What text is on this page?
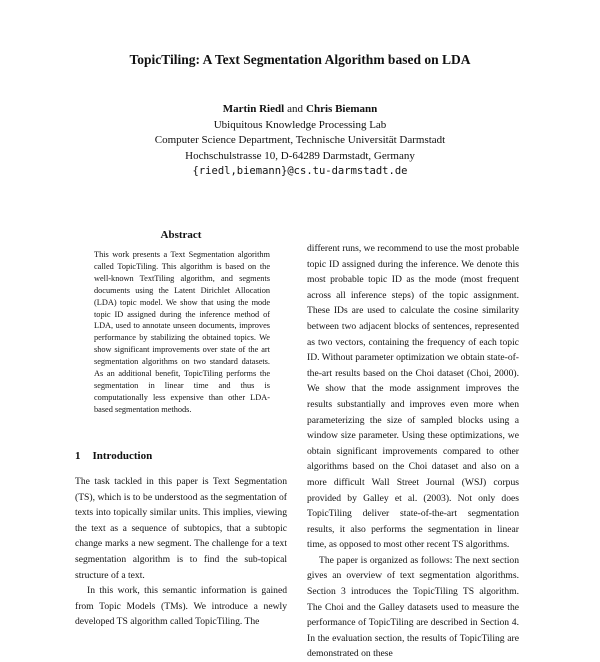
TopicTiling: A Text Segmentation Algorithm based on LDA
Martin Riedl and Chris Biemann
Ubiquitous Knowledge Processing Lab
Computer Science Department, Technische Universität Darmstadt
Hochschulstrasse 10, D-64289 Darmstadt, Germany
{riedl,biemann}@cs.tu-darmstadt.de
Abstract
This work presents a Text Segmentation algorithm called TopicTiling. This algorithm is based on the well-known TextTiling algorithm, and segments documents using the Latent Dirichlet Allocation (LDA) topic model. We show that using the mode topic ID assigned during the inference method of LDA, used to annotate unseen documents, improves performance by stabilizing the obtained topics. We show significant improvements over state of the art segmentation algorithms on two standard datasets. As an additional benefit, TopicTiling performs the segmentation in linear time and thus is computationally less expensive than other LDA-based segmentation methods.
1 Introduction

The task tackled in this paper is Text Segmentation (TS), which is to be understood as the segmentation of texts into topically similar units. This implies, viewing the text as a sequence of subtopics, that a subtopic change marks a new segment. The challenge for a text segmentation algorithm is to find the sub-topical structure of a text.

In this work, this semantic information is gained from Topic Models (TMs). We introduce a newly developed TS algorithm called TopicTiling. The

different runs, we recommend to use the most probable topic ID assigned during the inference. We denote this most probable topic ID as the mode (most frequent across all inference steps) of the topic assignment. These IDs are used to calculate the cosine similarity between two adjacent blocks of sentences, represented as two vectors, containing the frequency of each topic ID. Without parameter optimization we obtain state-of-the-art results based on the Choi dataset (Choi, 2000). We show that the mode assignment improves the results substantially and improves even more when parameterizing the size of sampled blocks using a window size parameter. Using these optimizations, we obtain significant improvements compared to other algorithms based on the Choi dataset and also on a more difficult Wall Street Journal (WSJ) corpus provided by Galley et al. (2003). Not only does TopicTiling deliver state-of-the-art segmentation results, it also performs the segmentation in linear time, as opposed to most other recent TS algorithms.

The paper is organized as follows: The next section gives an overview of text segmentation algorithms. Section 3 introduces the TopicTiling TS algorithm. The Choi and the Galley datasets used to measure the performance of TopicTiling are described in Section 4. In the evaluation section, the results of TopicTiling are demonstrated on these
